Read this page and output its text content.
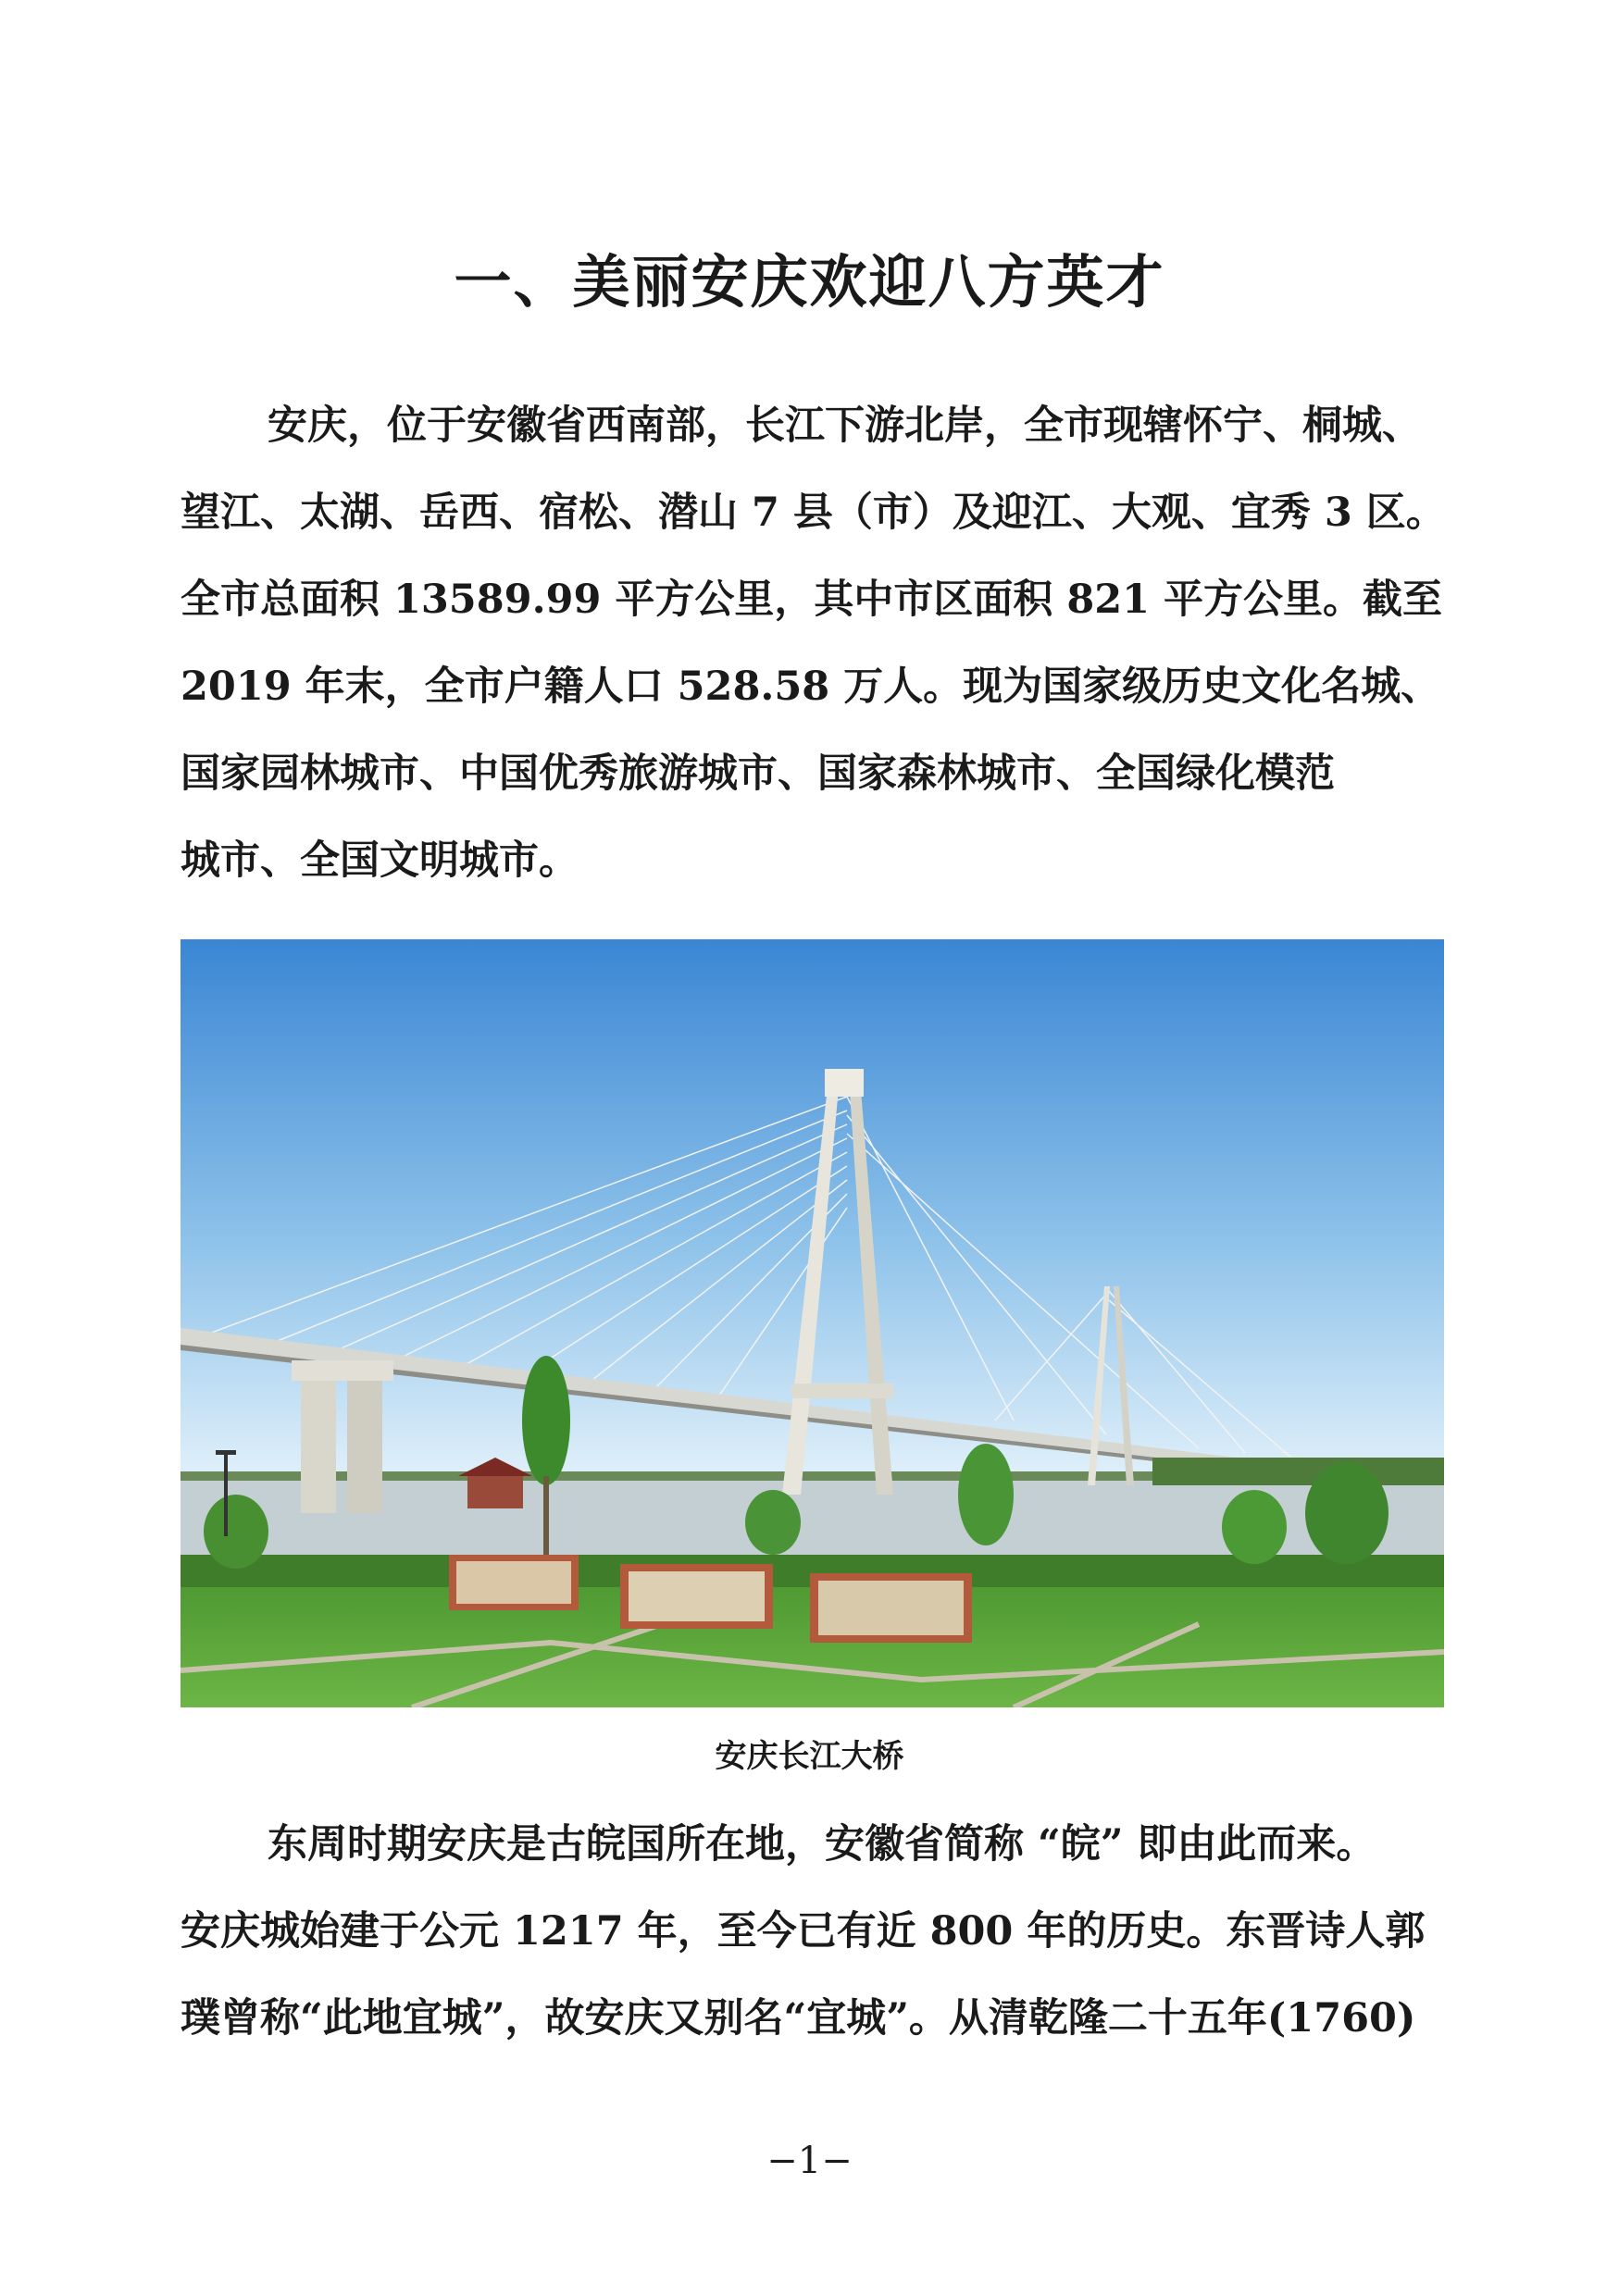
一、美丽安庆欢迎八方英才
安庆，位于安徽省西南部，长江下游北岸，全市现辖怀宁、桐城、
望江、太湖、岳西、宿松、潜山 7 县（市）及迎江、大观、宜秀 3 区。
全市总面积 13589.99 平方公里，其中市区面积 821 平方公里。截至
2019 年末，全市户籍人口 528.58 万人。现为国家级历史文化名城、
国家园林城市、中国优秀旅游城市、国家森林城市、全国绿化模范
城市、全国文明城市。
安庆长江大桥
东周时期安庆是古皖国所在地，安徽省简称 “皖” 即由此而来。
安庆城始建于公元 1217 年，至今已有近 800 年的历史。东晋诗人郭
璞曾称“此地宜城”，故安庆又别名“宜城”。从清乾隆二十五年(1760)
−1−
